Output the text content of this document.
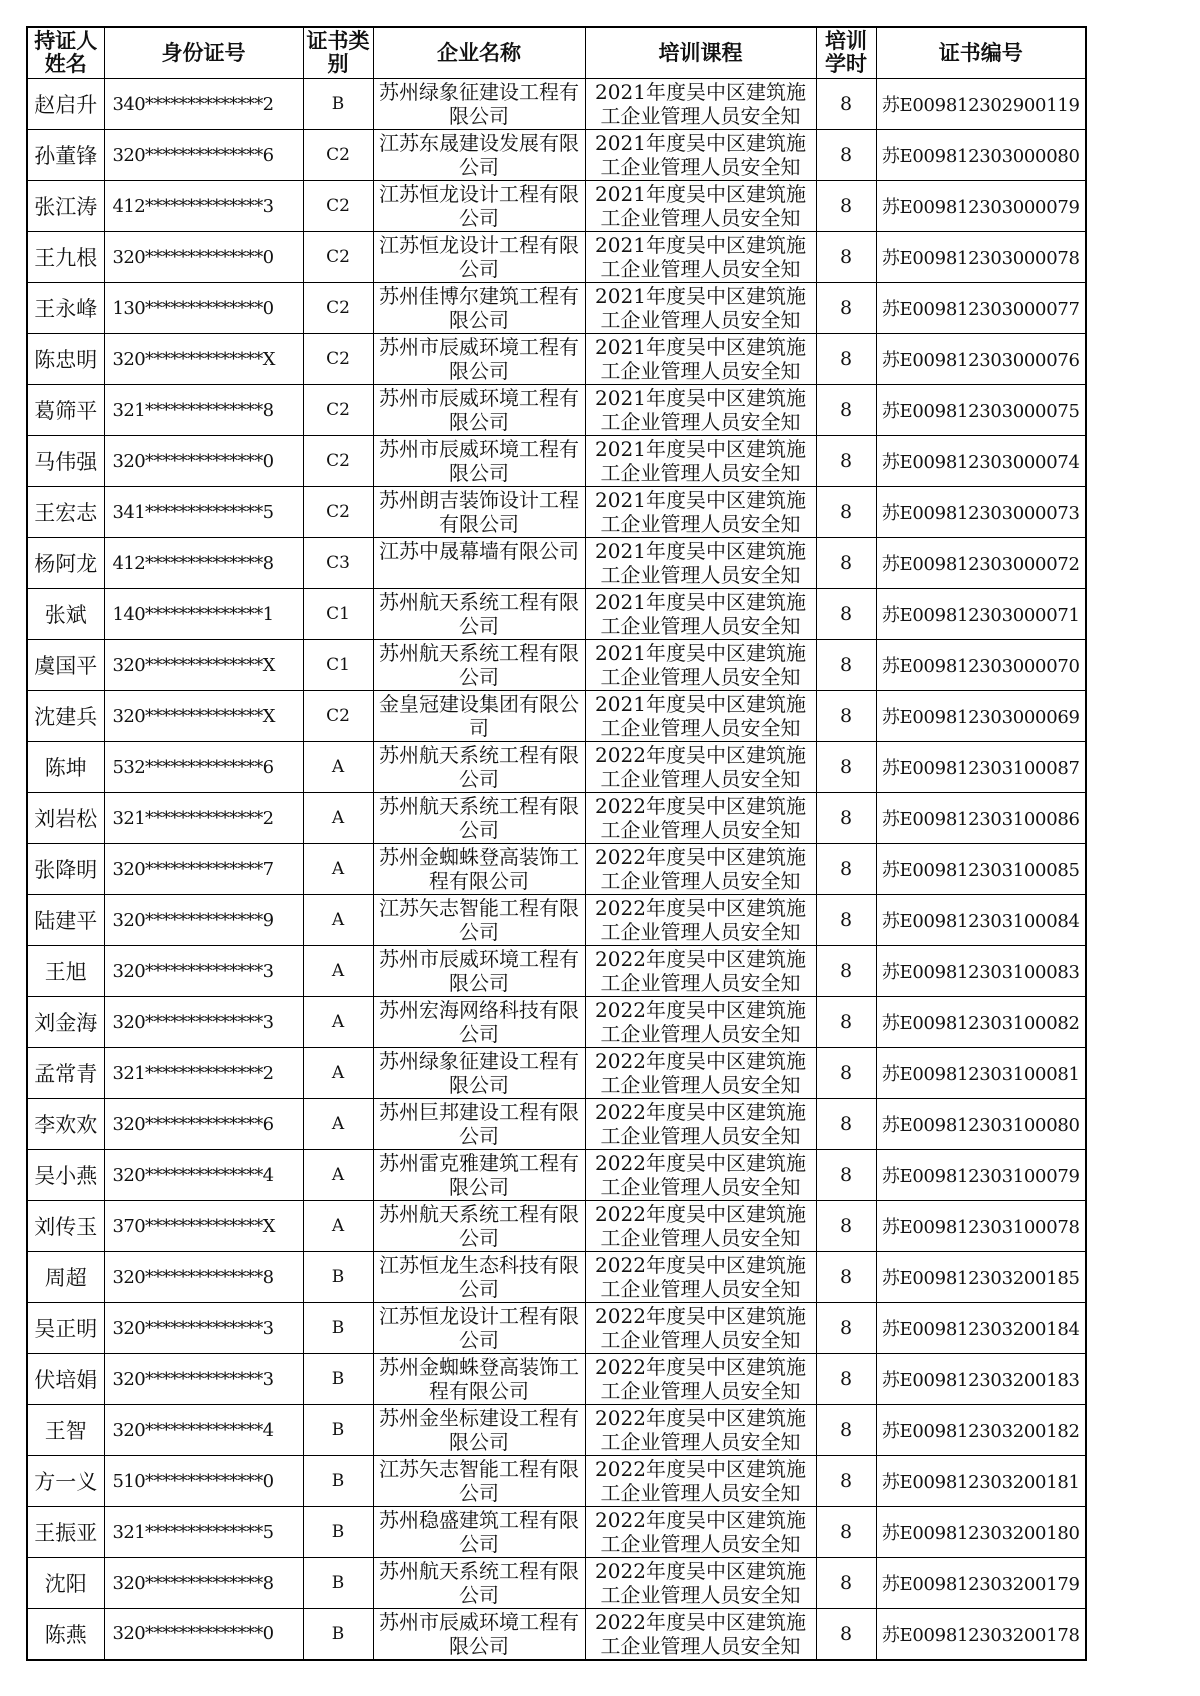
持证人姓名	身份证号	证书类别	企业名称	培训课程	培训学时	证书编号
赵启升	340**************2	B	苏州绿象征建设工程有限公司	2021年度吴中区建筑施工企业管理人员安全知	8	苏E009812302900119
孙董锋	320**************6	C2	江苏东晟建设发展有限公司	2021年度吴中区建筑施工企业管理人员安全知	8	苏E009812303000080
张江涛	412**************3	C2	江苏恒龙设计工程有限公司	2021年度吴中区建筑施工企业管理人员安全知	8	苏E009812303000079
王九根	320**************0	C2	江苏恒龙设计工程有限公司	2021年度吴中区建筑施工企业管理人员安全知	8	苏E009812303000078
王永峰	130**************0	C2	苏州佳博尔建筑工程有限公司	2021年度吴中区建筑施工企业管理人员安全知	8	苏E009812303000077
陈忠明	320**************X	C2	苏州市辰威环境工程有限公司	2021年度吴中区建筑施工企业管理人员安全知	8	苏E009812303000076
葛筛平	321**************8	C2	苏州市辰威环境工程有限公司	2021年度吴中区建筑施工企业管理人员安全知	8	苏E009812303000075
马伟强	320**************0	C2	苏州市辰威环境工程有限公司	2021年度吴中区建筑施工企业管理人员安全知	8	苏E009812303000074
王宏志	341**************5	C2	苏州朗吉装饰设计工程有限公司	2021年度吴中区建筑施工企业管理人员安全知	8	苏E009812303000073
杨阿龙	412**************8	C3	江苏中晟幕墙有限公司	2021年度吴中区建筑施工企业管理人员安全知	8	苏E009812303000072
张斌	140**************1	C1	苏州航天系统工程有限公司	2021年度吴中区建筑施工企业管理人员安全知	8	苏E009812303000071
虞国平	320**************X	C1	苏州航天系统工程有限公司	2021年度吴中区建筑施工企业管理人员安全知	8	苏E009812303000070
沈建兵	320**************X	C2	金皇冠建设集团有限公司	2021年度吴中区建筑施工企业管理人员安全知	8	苏E009812303000069
陈坤	532**************6	A	苏州航天系统工程有限公司	2022年度吴中区建筑施工企业管理人员安全知	8	苏E009812303100087
刘岩松	321**************2	A	苏州航天系统工程有限公司	2022年度吴中区建筑施工企业管理人员安全知	8	苏E009812303100086
张降明	320**************7	A	苏州金蜘蛛登高装饰工程有限公司	2022年度吴中区建筑施工企业管理人员安全知	8	苏E009812303100085
陆建平	320**************9	A	江苏矢志智能工程有限公司	2022年度吴中区建筑施工企业管理人员安全知	8	苏E009812303100084
王旭	320**************3	A	苏州市辰威环境工程有限公司	2022年度吴中区建筑施工企业管理人员安全知	8	苏E009812303100083
刘金海	320**************3	A	苏州宏海网络科技有限公司	2022年度吴中区建筑施工企业管理人员安全知	8	苏E009812303100082
孟常青	321**************2	A	苏州绿象征建设工程有限公司	2022年度吴中区建筑施工企业管理人员安全知	8	苏E009812303100081
李欢欢	320**************6	A	苏州巨邦建设工程有限公司	2022年度吴中区建筑施工企业管理人员安全知	8	苏E009812303100080
吴小燕	320**************4	A	苏州雷克雅建筑工程有限公司	2022年度吴中区建筑施工企业管理人员安全知	8	苏E009812303100079
刘传玉	370**************X	A	苏州航天系统工程有限公司	2022年度吴中区建筑施工企业管理人员安全知	8	苏E009812303100078
周超	320**************8	B	江苏恒龙生态科技有限公司	2022年度吴中区建筑施工企业管理人员安全知	8	苏E009812303200185
吴正明	320**************3	B	江苏恒龙设计工程有限公司	2022年度吴中区建筑施工企业管理人员安全知	8	苏E009812303200184
伏培娟	320**************3	B	苏州金蜘蛛登高装饰工程有限公司	2022年度吴中区建筑施工企业管理人员安全知	8	苏E009812303200183
王智	320**************4	B	苏州金坐标建设工程有限公司	2022年度吴中区建筑施工企业管理人员安全知	8	苏E009812303200182
方一义	510**************0	B	江苏矢志智能工程有限公司	2022年度吴中区建筑施工企业管理人员安全知	8	苏E009812303200181
王振亚	321**************5	B	苏州稳盛建筑工程有限公司	2022年度吴中区建筑施工企业管理人员安全知	8	苏E009812303200180
沈阳	320**************8	B	苏州航天系统工程有限公司	2022年度吴中区建筑施工企业管理人员安全知	8	苏E009812303200179
陈燕	320**************0	B	苏州市辰威环境工程有限公司	2022年度吴中区建筑施工企业管理人员安全知	8	苏E009812303200178
